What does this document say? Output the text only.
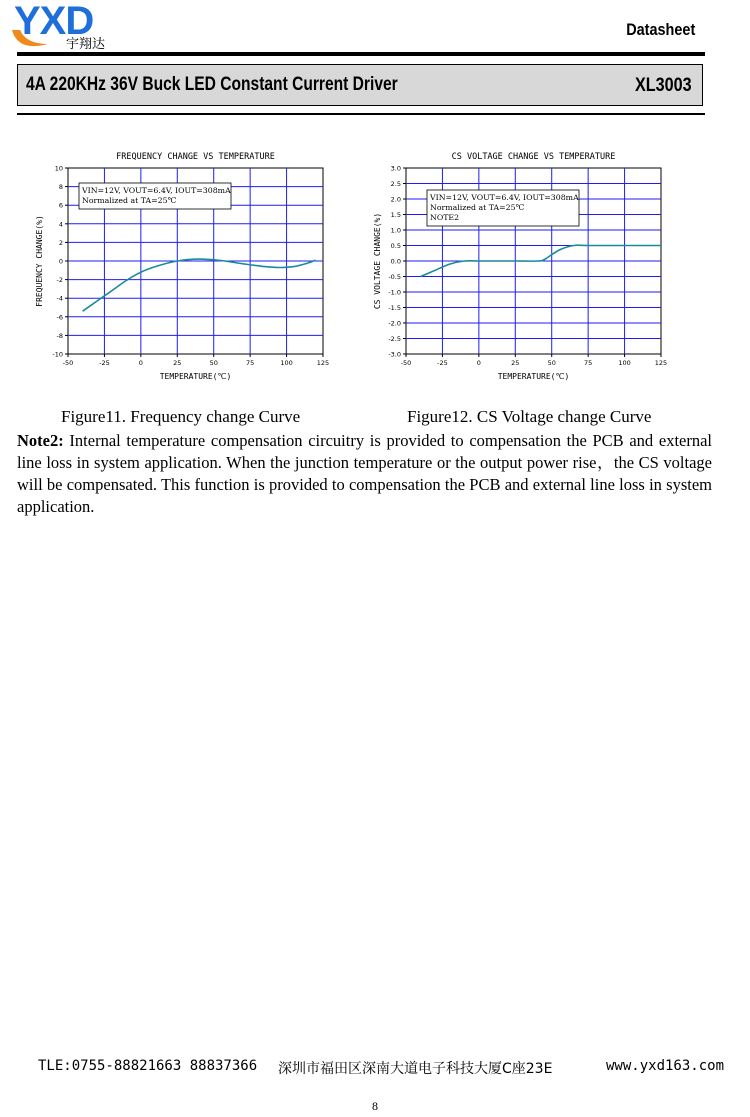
YXD
宇翔达
Datasheet
4A 220KHz 36V Buck LED Constant Current Driver	XL3003
FREQUENCY CHANGE VS TEMPERATURE
-10
-8
-6
-4
-2
0
2
4
6
8
10
-50	-25	0	25	50	75	100	125
TEMPERATURE(℃)
FREQUENCY CHANGE(%)
VIN=12V, VOUT=6.4V, IOUT=308mA
Normalized at TA=25℃
CS VOLTAGE CHANGE VS TEMPERATURE
-3.0
-2.5
-2.0
-1.5
-1.0
-0.5
0.0
0.5
1.0
1.5
2.0
2.5
3.0
-50	-25	0	25	50	75	100	125
TEMPERATURE(℃)
CS VOLTAGE CHANGE(%)
VIN=12V, VOUT=6.4V, IOUT=308mA
Normalized at TA=25℃
NOTE2
Figure11. Frequency change Curve	Figure12. CS Voltage change Curve
Note2: Internal temperature compensation circuitry is provided to compensation the PCB and external line loss in system application. When the junction temperature or the output power rise，the CS voltage will be compensated. This function is provided to compensation the PCB and external line loss in system application.
TLE:0755-88821663 88837366 深圳市福田区深南大道电子科技大厦C座23E	www.yxd163.com
8
